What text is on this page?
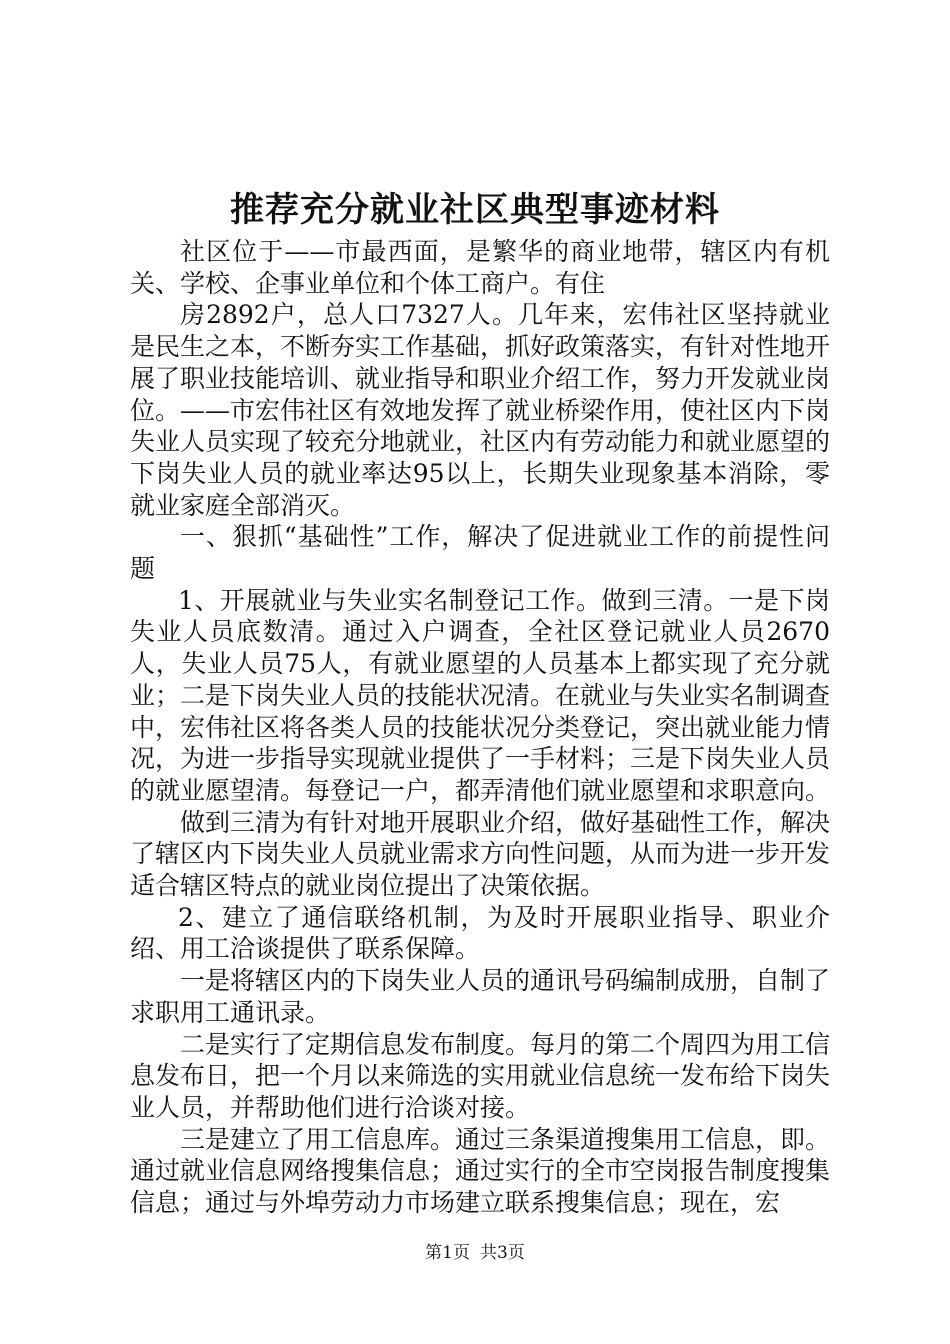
推荐充分就业社区典型事迹材料

社区位于——市最西面，是繁华的商业地带，辖区内有机关、学校、企事业单位和个体工商户。有住

房2892户，总人口7327人。几年来，宏伟社区坚持就业是民生之本，不断夯实工作基础，抓好政策落实，有针对性地开展了职业技能培训、就业指导和职业介绍工作，努力开发就业岗位。——市宏伟社区有效地发挥了就业桥梁作用，使社区内下岗失业人员实现了较充分地就业，社区内有劳动能力和就业愿望的下岗失业人员的就业率达95以上，长期失业现象基本消除，零就业家庭全部消灭。

一、狠抓“基础性”工作，解决了促进就业工作的前提性问题

1、开展就业与失业实名制登记工作。做到三清。一是下岗失业人员底数清。通过入户调查，全社区登记就业人员2670人，失业人员75人，有就业愿望的人员基本上都实现了充分就业；二是下岗失业人员的技能状况清。在就业与失业实名制调查中，宏伟社区将各类人员的技能状况分类登记，突出就业能力情况，为进一步指导实现就业提供了一手材料；三是下岗失业人员的就业愿望清。每登记一户，都弄清他们就业愿望和求职意向。

做到三清为有针对地开展职业介绍，做好基础性工作，解决了辖区内下岗失业人员就业需求方向性问题，从而为进一步开发适合辖区特点的就业岗位提出了决策依据。

2、建立了通信联络机制，为及时开展职业指导、职业介绍、用工洽谈提供了联系保障。

一是将辖区内的下岗失业人员的通讯号码编制成册，自制了求职用工通讯录。

二是实行了定期信息发布制度。每月的第二个周四为用工信息发布日，把一个月以来筛选的实用就业信息统一发布给下岗失业人员，并帮助他们进行洽谈对接。

三是建立了用工信息库。通过三条渠道搜集用工信息，即。通过就业信息网络搜集信息；通过实行的全市空岗报告制度搜集信息；通过与外埠劳动力市场建立联系搜集信息；现在，宏

第1页 共3页
